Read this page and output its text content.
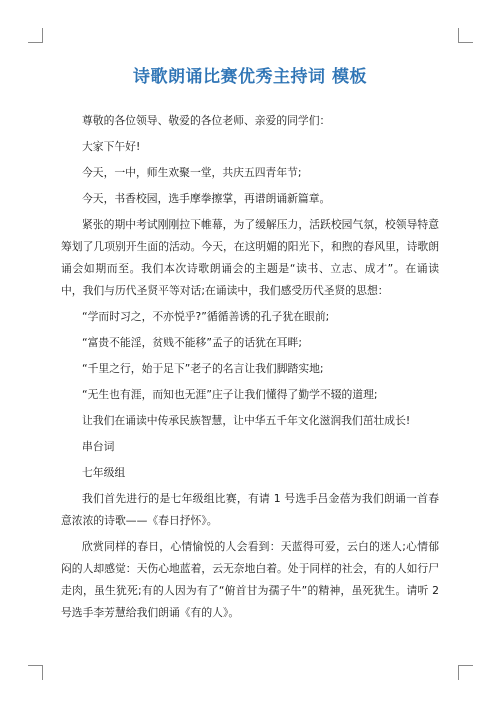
诗歌朗诵比赛优秀主持词 模板

尊敬的各位领导、敬爱的各位老师、亲爱的同学们：

大家下午好!

今天，一中，师生欢聚一堂，共庆五四青年节;

今天，书香校园，选手摩拳擦掌，再谱朗诵新篇章。

紧张的期中考试刚刚拉下帷幕，为了缓解压力，活跃校园气氛，校领导特意筹划了几项别开生面的活动。今天，在这明媚的阳光下，和煦的春风里，诗歌朗诵会如期而至。我们本次诗歌朗诵会的主题是“读书、立志、成才”。在诵读中，我们与历代圣贤平等对话;在诵读中，我们感受历代圣贤的思想：

“学而时习之，不亦悦乎?”循循善诱的孔子犹在眼前;

“富贵不能淫，贫贱不能移”孟子的话犹在耳畔;

“千里之行，始于足下”老子的名言让我们脚踏实地;

“无生也有涯，而知也无涯”庄子让我们懂得了勤学不辍的道理;

让我们在诵读中传承民族智慧，让中华五千年文化滋润我们茁壮成长!

串台词

七年级组

我们首先进行的是七年级组比赛，有请 1 号选手吕金蓓为我们朗诵一首春意浓浓的诗歌——《春日抒怀》。

欣赏同样的春日，心情愉悦的人会看到：天蓝得可爱，云白的迷人;心情郁闷的人却感觉：天伤心地蓝着，云无奈地白着。处于同样的社会，有的人如行尸走肉，虽生犹死;有的人因为有了“俯首甘为孺子牛”的精神，虽死犹生。请听 2 号选手李芳慧给我们朗诵《有的人》。
